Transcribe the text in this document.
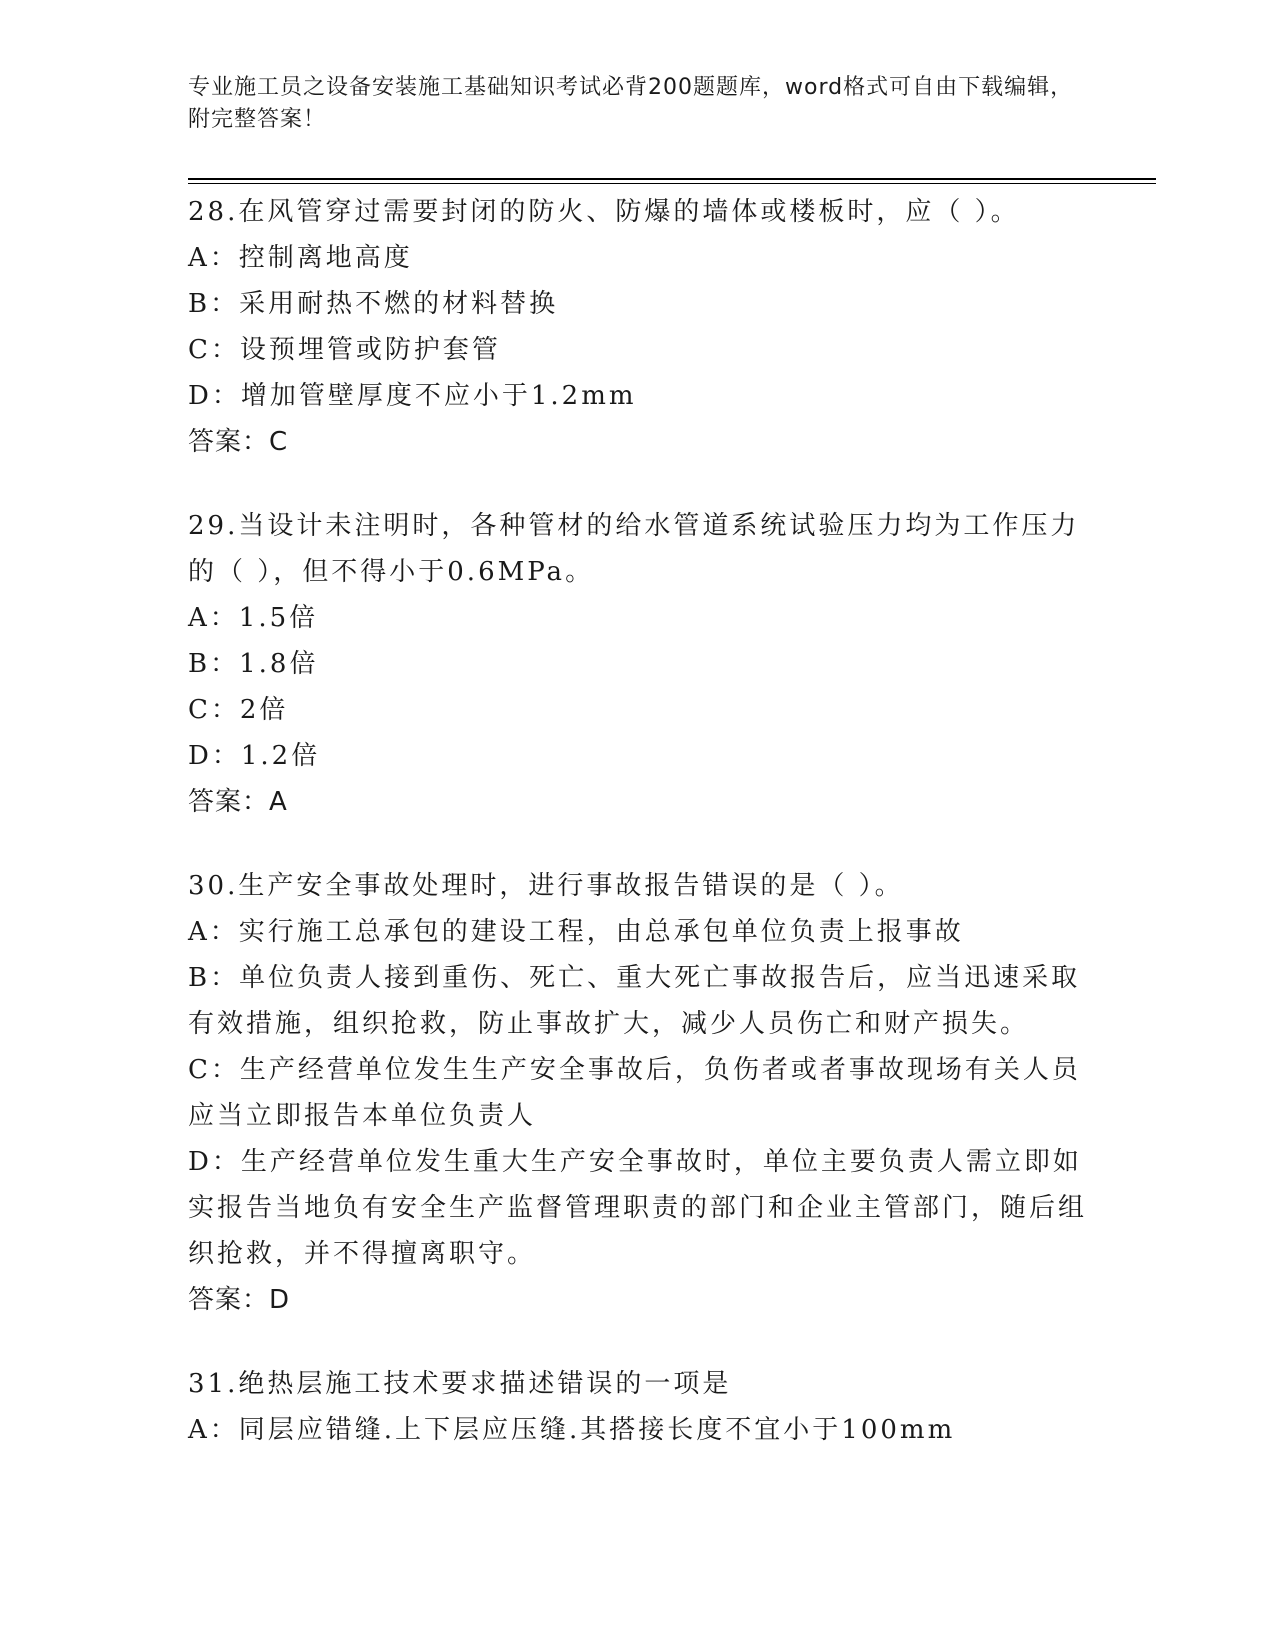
专业施工员之设备安装施工基础知识考试必背200题题库，word格式可自由下载编辑，附完整答案！
28.在风管穿过需要封闭的防火、防爆的墙体或楼板时，应（ ）。
A：控制离地高度
B：采用耐热不燃的材料替换
C：设预埋管或防护套管
D：增加管壁厚度不应小于1.2mm
答案：C
29.当设计未注明时，各种管材的给水管道系统试验压力均为工作压力的（ ），但不得小于0.6MPa。
A：1.5倍
B：1.8倍
C：2倍
D：1.2倍
答案：A
30.生产安全事故处理时，进行事故报告错误的是（ ）。
A：实行施工总承包的建设工程，由总承包单位负责上报事故
B：单位负责人接到重伤、死亡、重大死亡事故报告后，应当迅速采取有效措施，组织抢救，防止事故扩大，减少人员伤亡和财产损失。
C：生产经营单位发生生产安全事故后，负伤者或者事故现场有关人员应当立即报告本单位负责人
D：生产经营单位发生重大生产安全事故时，单位主要负责人需立即如实报告当地负有安全生产监督管理职责的部门和企业主管部门，随后组织抢救，并不得擅离职守。
答案：D
31.绝热层施工技术要求描述错误的一项是
A：同层应错缝.上下层应压缝.其搭接长度不宜小于100mm
